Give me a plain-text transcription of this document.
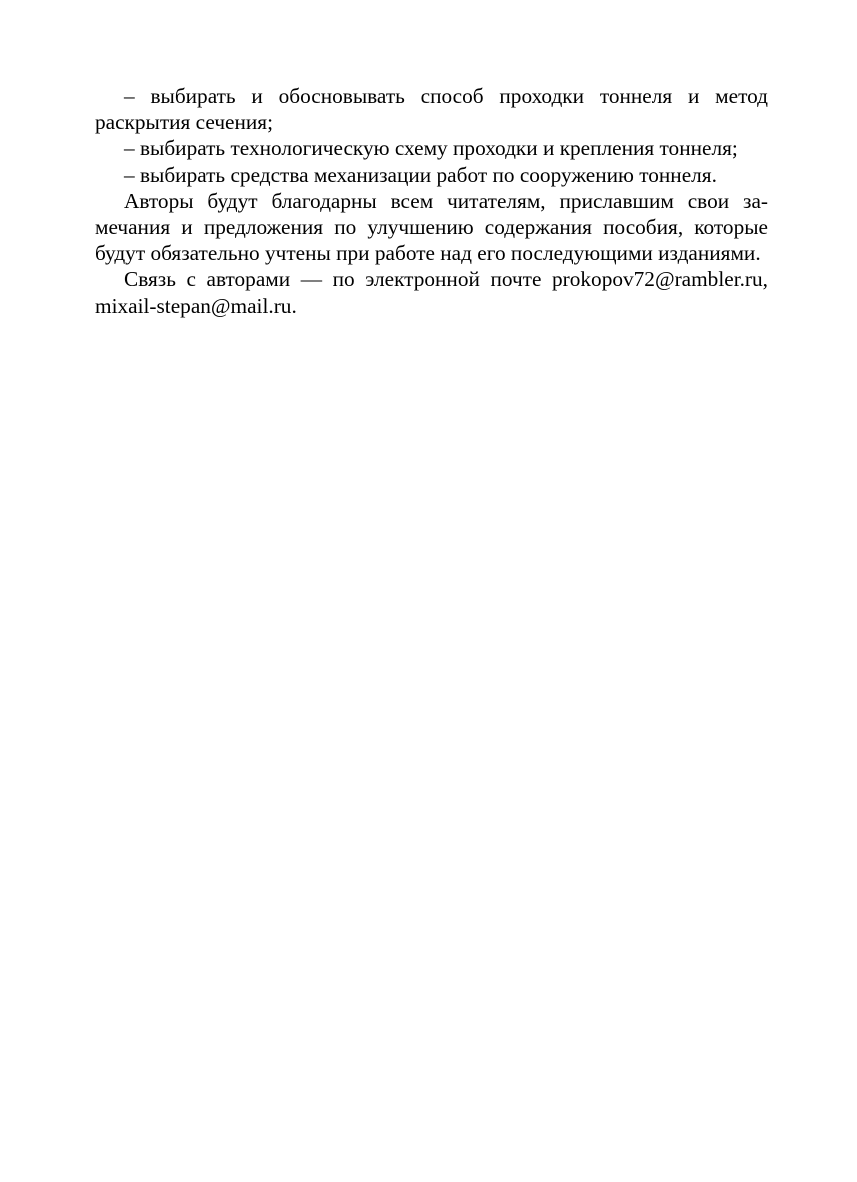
– выбирать и обосновывать способ проходки тоннеля и метод раскрытия сечения;

– выбирать технологическую схему проходки и крепления тоннеля;

– выбирать средства механизации работ по сооружению тоннеля.

Авторы будут благодарны всем читателям, приславшим свои замечания и предложения по улучшению содержания пособия, которые будут обязательно учтены при работе над его последующими изданиями.

Связь с авторами — по электронной почте prokopov72@rambler.ru, mixail-stepan@mail.ru.
